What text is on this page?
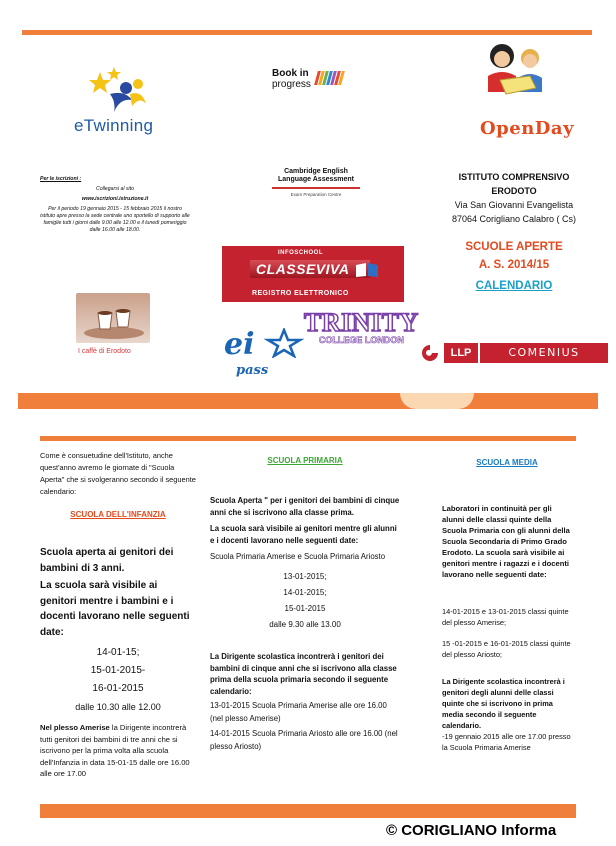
eTwinning
Book in
progress

OpenDay
Per le iscrizioni :
Collegarsi al sito
www.iscrizioni.istruzione.it
Per il periodo 19 gennaio 2015 - 15 febbraio 2015 il nostro istituto apre presso la sede centrale uno sportello di supporto alle famiglie tutti i giorni dalle 9.00 alle 12.00 e il lunedì pomeriggio dalle 16.00 alle 18.00.
Cambridge English
Language Assessment
Exam Preparation Centre
ISTITUTO COMPRENSIVO
ERODOTO
Via San Giovanni Evangelista
87064 Corigliano Calabro ( Cs)
SCUOLE APERTE
A. S. 2014/15
CALENDARIO
INFOSCHOOL
CLASSEVIVA
REGISTRO ELETTRONICO
I caffè di Erodoto	ei
pass
TRINITY
COLLEGE LONDON
LLP	COMENIUS
Come è consuetudine dell'Istituto, anche quest'anno avremo le giornate di "Scuola Aperta" che si svolgeranno secondo il seguente calendario:
SCUOLA DELL'INFANZIA
Scuola aperta ai genitori dei bambini di 3 anni.
La scuola sarà visibile ai genitori mentre i bambini e i docenti lavorano nelle seguenti date:
14-01-15;
15-01-2015-
16-01-2015
dalle 10.30 alle 12.00
Nel plesso Amerise la Dirigente incontrerà tutti genitori dei bambini di tre anni che si iscrivono per la prima volta alla scuola dell'Infanzia in data 15-01-15 dalle ore 16.00 alle ore 17.00
SCUOLA PRIMARIA
Scuola Aperta " per i genitori dei bambini di cinque anni che si iscrivono alla classe prima.
La scuola sarà visibile ai genitori mentre gli alunni e i docenti lavorano nelle seguenti date:
Scuola Primaria Amerise e Scuola Primaria Ariosto
13-01-2015;
14-01-2015;
15-01-2015
dalle 9.30 alle 13.00
La Dirigente scolastica incontrerà i genitori dei bambini di cinque anni che si iscrivono alla classe prima della scuola primaria secondo il seguente calendario:
13-01-2015 Scuola Primaria Amerise alle ore 16.00 (nel plesso Amerise)
14-01-2015 Scuola Primaria Ariosto alle ore 16.00 (nel plesso Ariosto)
SCUOLA MEDIA
Laboratori in continuità per gli alunni delle classi quinte della Scuola Primaria con gli alunni della Scuola Secondaria di Primo Grado Erodoto. La scuola sarà visibile ai genitori mentre i ragazzi e i docenti lavorano nelle seguenti date:
14-01-2015 e 13-01-2015 classi quinte del plesso Amerise;
15 -01-2015 e 16-01-2015 classi quinte del plesso Ariosto;
La Dirigente scolastica incontrerà i genitori degli alunni delle classi quinte che si iscrivono in prima media secondo il seguente calendario.
-19 gennaio 2015 alle ore 17.00 presso la Scuola Primaria Amerise
© CORIGLIANO Informa
